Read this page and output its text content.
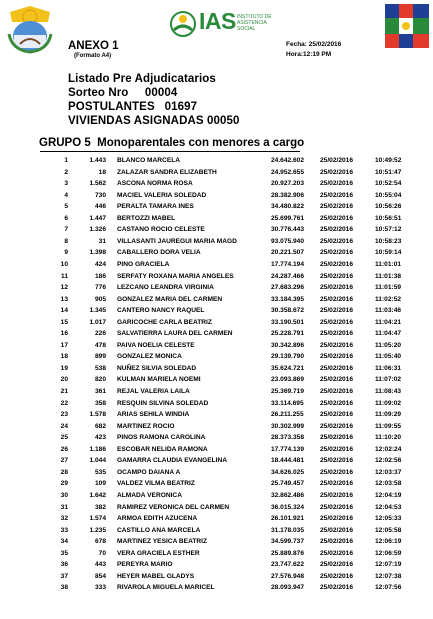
IAS INSTITUTO DE ASISTENCIA SOCIAL
ANEXO 1
(Formato A4)
Fecha: 25/02/2016
Hora:12:19 PM
Listado Pre Adjudicatarios
Sorteo Nro     00004
POSTULANTES   01697
VIVIENDAS ASIGNADAS 00050
GRUPO 5  Monoparentales con menores a cargo
1	1.443 BLANCO MARCELA	24.642.602 25/02/2016	10:49:52
2	18 ZALAZAR SANDRA ELIZABETH	24.952.655 25/02/2016	10:51:47
3	1.562 ASCONA NORMA ROSA	20.927.203 25/02/2016	10:52:54
4	730 MACIEL VALERIA SOLEDAD	28.382.906 25/02/2016	10:55:04
5	446 PERALTA TAMARA INES	34.480.822 25/02/2016	10:56:26
6	1.447 BERTOZZI MABEL	25.699.761 25/02/2016	10:56:51
7	1.326 CASTANO ROCIO CELESTE	30.776.443 25/02/2016	10:57:12
8	31 VILLASANTI JAUREGUI MARIA MAGD	93.075.940 25/02/2016	10:58:23
9	1.398 CABALLERO DORA VELIA	20.221.507 25/02/2016	10:59:14
10	424 PINO GRACIELA	17.774.194 25/02/2016	11:01:01
11	186 SERFATY ROXANA MARIA ANGELES	24.287.466 25/02/2016	11:01:38
12	776 LEZCANO LEANDRA VIRGINIA	27.683.296 25/02/2016	11:01:59
13	905 GONZALEZ MARIA DEL CARMEN	33.184.395 25/02/2016	11:02:52
14	1.345 CANTERO NANCY RAQUEL	30.358.672 25/02/2016	11:03:46
15	1.017 GARICOCHE CARLA BEATRIZ	33.190.501 25/02/2016	11:04:21
16	226 SALVATIERRA LAURA DEL CARMEN	25.228.791 25/02/2016	11:04:47
17	478 PAIVA NOELIA CELESTE	30.342.896 25/02/2016	11:05:20
18	899 GONZALEZ MONICA	29.139.790 25/02/2016	11:05:40
19	538 NUÑEZ SILVIA SOLEDAD	35.624.721 25/02/2016	11:06:31
20	820 KULMAN MARIELA NOEMI	23.093.869 25/02/2016	11:07:02
21	361 REJAL VALERIA LAILA	25.369.719 25/02/2016	11:08:43
22	358 RESQUIN SILVINA SOLEDAD	33.114.695 25/02/2016	11:09:02
23	1.578 ARIAS SEHILA WINDIA	26.211.255 25/02/2016	11:09:29
24	682 MARTINEZ ROCIO	30.302.999 25/02/2016	11:09:55
25	423 PINOS RAMONA CAROLINA	28.373.358 25/02/2016	11:10:20
26	1.186 ESCOBAR NELIDA RAMONA	17.774.139 25/02/2016	12:02:24
27	1.044 GAMARRA CLAUDIA EVANGELINA	18.444.481 25/02/2016	12:02:56
28	535 OCAMPO DAIANA A	34.626.025 25/02/2016	12:03:37
29	109 VALDEZ VILMA BEATRIZ	25.749.457 25/02/2016	12:03:58
30	1.642 ALMADA VERONICA	32.862.486 25/02/2016	12:04:19
31	382 RAMIREZ VERONICA DEL CARMEN	36.015.324 25/02/2016	12:04:53
32	1.574 ARMOA EDITH AZUCENA	26.101.921 25/02/2016	12:05:33
33	1.235 CASTILLO ANA MARCELA	31.178.035 25/02/2016	12:05:58
34	678 MARTINEZ YESICA BEATRIZ	34.599.737 25/02/2016	12:06:19
35	70 VERA GRACIELA ESTHER	25.889.876 25/02/2016	12:06:59
36	443 PEREYRA MARIO	23.747.622 25/02/2016	12:07:19
37	854 HEYER MABEL GLADYS	27.576.948 25/02/2016	12:07:38
38	333 RIVAROLA MIGUELA MARICEL	28.093.947 25/02/2016	12:07:56
